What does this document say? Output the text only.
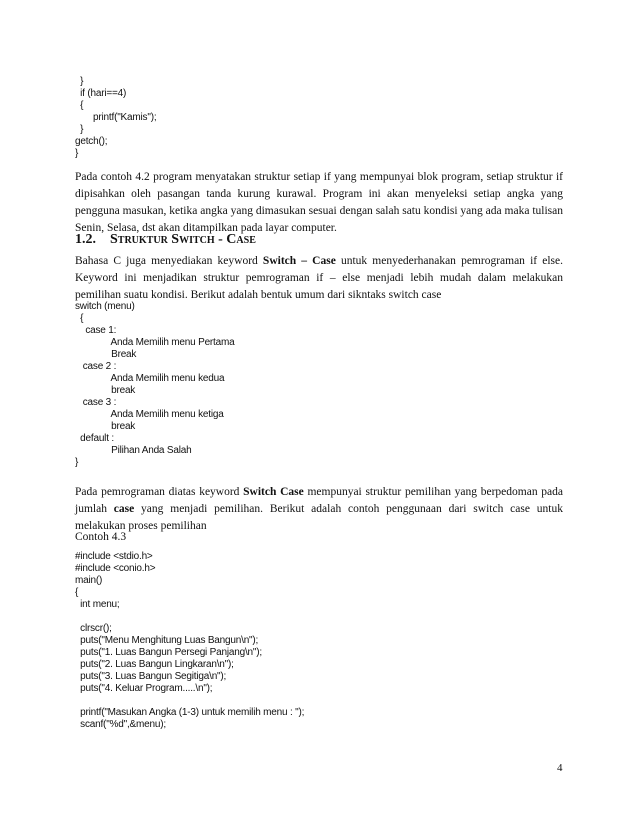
}
if (hari==4)
{
printf("Kamis");
}
getch();
}

Pada contoh 4.2 program menyatakan struktur setiap if yang mempunyai blok program, setiap struktur if dipisahkan oleh pasangan tanda kurung kurawal. Program ini akan menyeleksi setiap angka yang pengguna masukan, ketika angka yang dimasukan sesuai dengan salah satu kondisi yang ada maka tulisan Senin, Selasa, dst akan ditampilkan pada layar computer.

1.2. Struktur Switch - Case

Bahasa C juga menyediakan keyword Switch – Case untuk menyederhanakan pemrograman if else. Keyword ini menjadikan struktur pemrograman if – else menjadi lebih mudah dalam melakukan pemilihan suatu kondisi. Berikut adalah bentuk umum dari sikntaks switch case

switch (menu)
{
case 1:
Anda Memilih menu Pertama
Break
case 2 :
Anda Memilih menu kedua
break
case 3 :
Anda Memilih menu ketiga
break
default :
Pilihan Anda Salah
}

Pada pemrograman diatas keyword Switch Case mempunyai struktur pemilihan yang berpedoman pada jumlah case yang menjadi pemilihan. Berikut adalah contoh penggunaan dari switch case untuk melakukan proses pemilihan

Contoh 4.3

#include <stdio.h>
#include <conio.h>
main()
{
int menu;
clrscr();
puts("Menu Menghitung Luas Bangun\n");
puts("1. Luas Bangun Persegi Panjang\n");
puts("2. Luas Bangun Lingkaran\n");
puts("3. Luas Bangun Segitiga\n");
puts("4. Keluar Program.....\n");
printf("Masukan Angka (1-3) untuk memilih menu : ");
scanf("%d",&menu);
4
